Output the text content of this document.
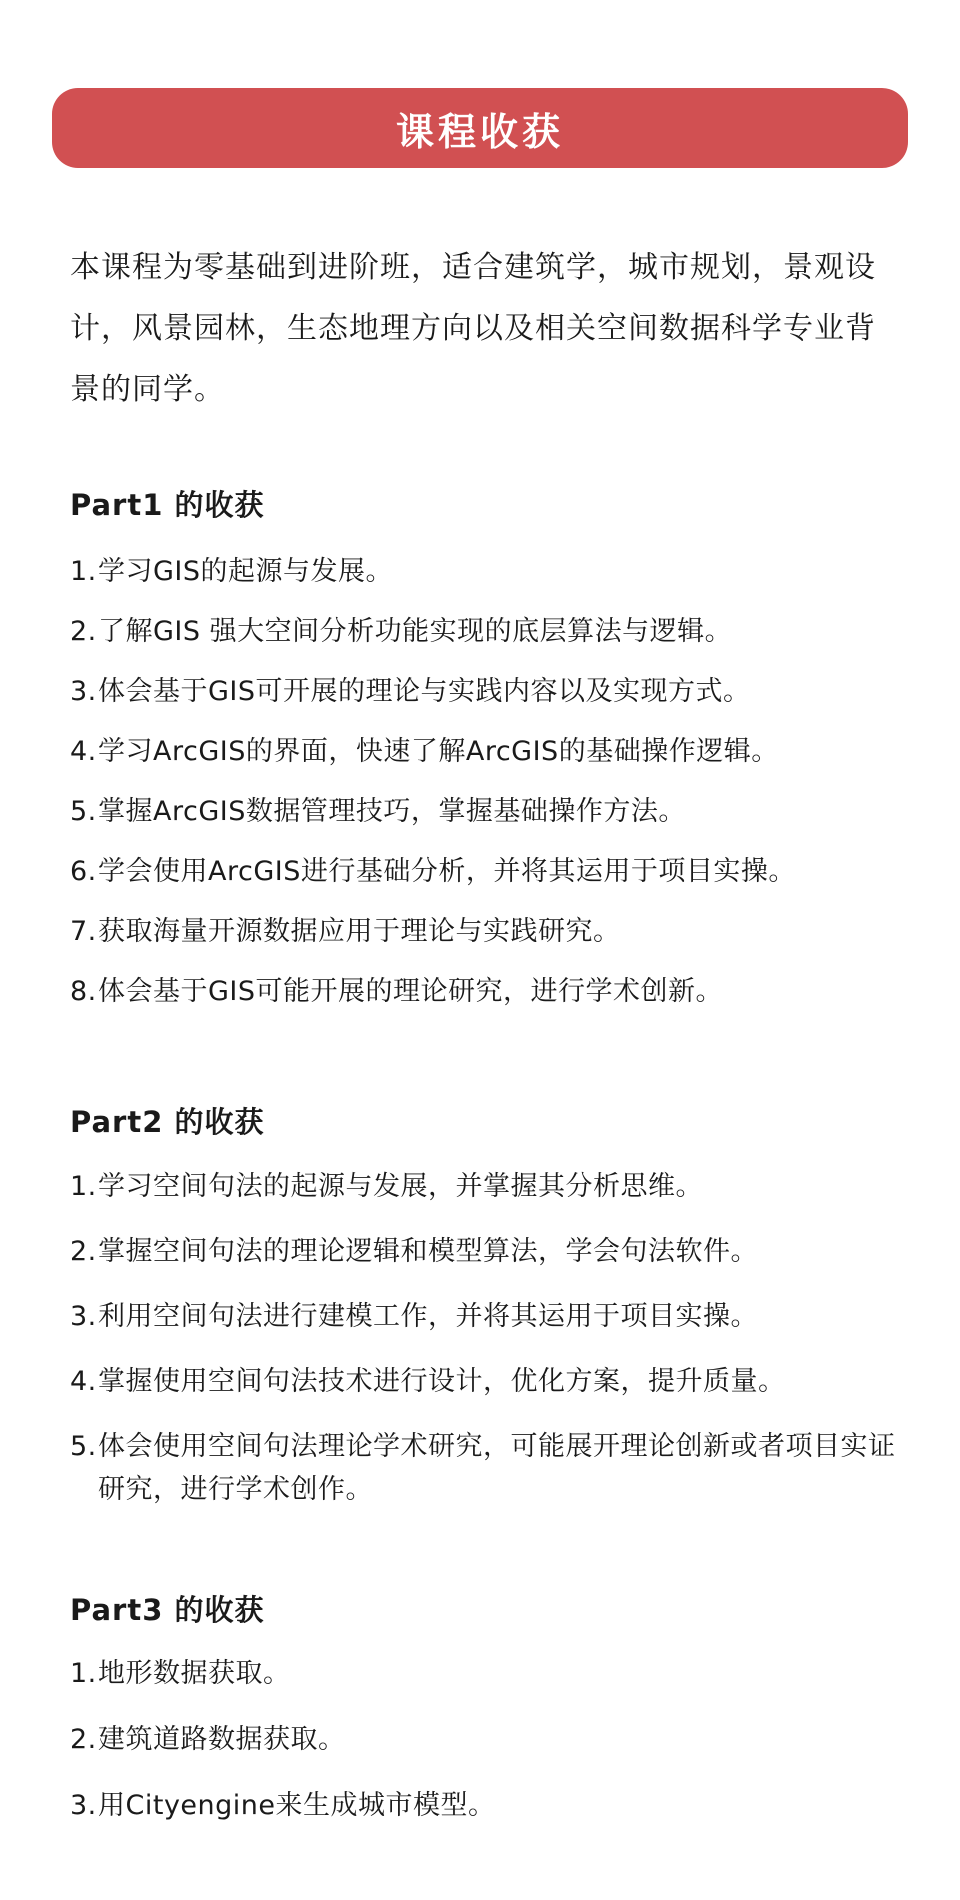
课程收获

本课程为零基础到进阶班，适合建筑学，城市规划，景观设计，风景园林，生态地理方向以及相关空间数据科学专业背景的同学。

Part1 的收获
1. 学习GIS的起源与发展。
2. 了解GIS 强大空间分析功能实现的底层算法与逻辑。
3. 体会基于GIS可开展的理论与实践内容以及实现方式。
4. 学习ArcGIS的界面，快速了解ArcGIS的基础操作逻辑。
5. 掌握ArcGIS数据管理技巧，掌握基础操作方法。
6. 学会使用ArcGIS进行基础分析，并将其运用于项目实操。
7. 获取海量开源数据应用于理论与实践研究。
8. 体会基于GIS可能开展的理论研究，进行学术创新。
Part2 的收获
1. 学习空间句法的起源与发展，并掌握其分析思维。
2. 掌握空间句法的理论逻辑和模型算法，学会句法软件。
3. 利用空间句法进行建模工作，并将其运用于项目实操。
4. 掌握使用空间句法技术进行设计，优化方案，提升质量。
5. 体会使用空间句法理论学术研究，可能展开理论创新或者项目实证研究，进行学术创作。
Part3 的收获
1. 地形数据获取。
2. 建筑道路数据获取。
3. 用Cityengine来生成城市模型。
